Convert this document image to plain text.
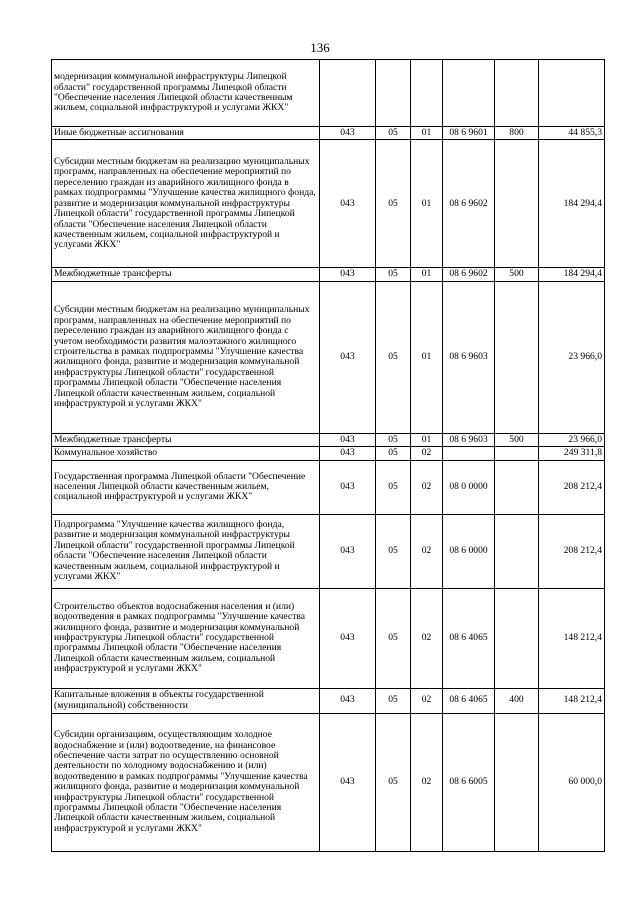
136
модернизация коммунальной инфраструктуры Липецкой области" государственной программы Липецкой области "Обеспечение населения Липецкой области качественным жильем, социальной инфраструктурой и услугами ЖКХ"						
Иные бюджетные ассигнования	043	05	01	08 6 9601	800	44 855,3
Субсидии местным бюджетам на реализацию муниципальных программ, направленных на обеспечение мероприятий по переселению граждан из аварийного жилищного фонда в рамках подпрограммы "Улучшение качества жилищного фонда, развитие и модернизация коммунальной инфраструктуры Липецкой области" государственной программы Липецкой области "Обеспечение населения Липецкой области качественным жильем, социальной инфраструктурой и услугами ЖКХ"	043	05	01	08 6 9602		184 294,4
Межбюджетные трансферты	043	05	01	08 6 9602	500	184 294,4
Субсидии местным бюджетам на реализацию муниципальных программ, направленных на обеспечение мероприятий по переселению граждан из аварийного жилищного фонда с учетом необходимости развития малоэтажного жилищного строительства в рамках подпрограммы "Улучшение качества жилищного фонда, развитие и модернизация коммунальной инфраструктуры Липецкой области" государственной программы Липецкой области "Обеспечение населения Липецкой области качественным жильем, социальной инфраструктурой и услугами ЖКХ"	043	05	01	08 6 9603		23 966,0
Межбюджетные трансферты	043	05	01	08 6 9603	500	23 966,0
Коммунальное хозяйство	043	05	02			249 311,8
Государственная программа Липецкой области "Обеспечение населения Липецкой области качественным жильем, социальной инфраструктурой и услугами ЖКХ"	043	05	02	08 0 0000		208 212,4
Подпрограмма "Улучшение качества жилищного фонда, развитие и модернизация коммунальной инфраструктуры Липецкой области" государственной программы Липецкой области "Обеспечение населения Липецкой области качественным жильем, социальной инфраструктурой и услугами ЖКХ"	043	05	02	08 6 0000		208 212,4
Строительство объектов водоснабжения населения и (или) водоотведения в рамках подпрограммы "Улучшение качества жилищного фонда, развитие и модернизация коммунальной инфраструктуры Липецкой области" государственной программы Липецкой области "Обеспечение населения Липецкой области качественным жильем, социальной инфраструктурой и услугами ЖКХ"	043	05	02	08 6 4065		148 212,4
Капитальные вложения в объекты государственной (муниципальной) собственности	043	05	02	08 6 4065	400	148 212,4
Субсидии организациям, осуществляющим холодное водоснабжение и (или) водоотведение, на финансовое обеспечение части затрат по осуществлению основной деятельности по холодному водоснабжению и (или) водоотведению в рамках подпрограммы "Улучшение качества жилищного фонда, развитие и модернизация коммунальной инфраструктуры Липецкой области" государственной программы Липецкой области "Обеспечение населения Липецкой области качественным жильем, социальной инфраструктурой и услугами ЖКХ"	043	05	02	08 6 6005		60 000,0
